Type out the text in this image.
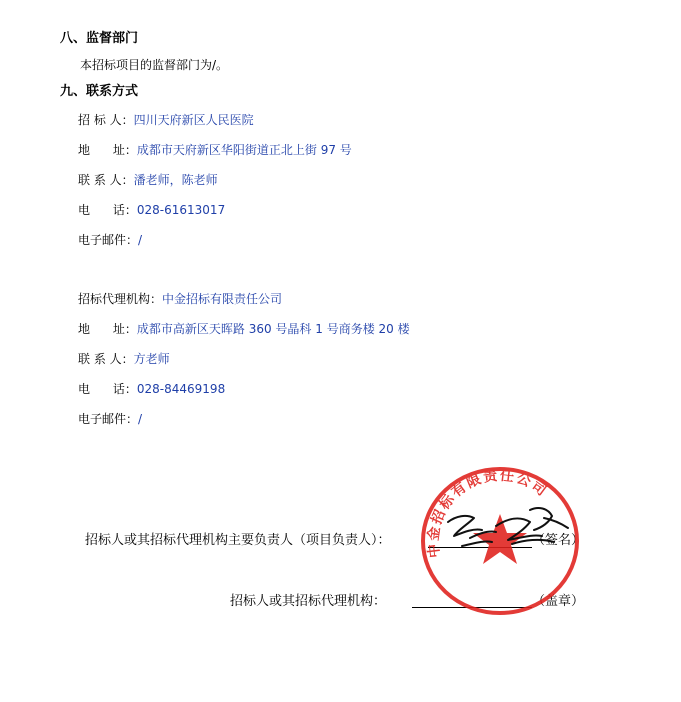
八、监督部门
本招标项目的监督部门为/。
九、联系方式
招 标 人：四川天府新区人民医院
地      址：成都市天府新区华阳街道正北上街 97 号
联 系 人：潘老师，陈老师
电      话：028-61613017
电子邮件：/
招标代理机构：中金招标有限责任公司
地      址：成都市高新区天晖路 360 号晶科 1 号商务楼 20 楼
联 系 人：方老师
电      话：028-84469198
电子邮件：/
招标人或其招标代理机构主要负责人（项目负责人）：	（签名）
招标人或其招标代理机构：	（盖章）
中金招标有限责任公司
